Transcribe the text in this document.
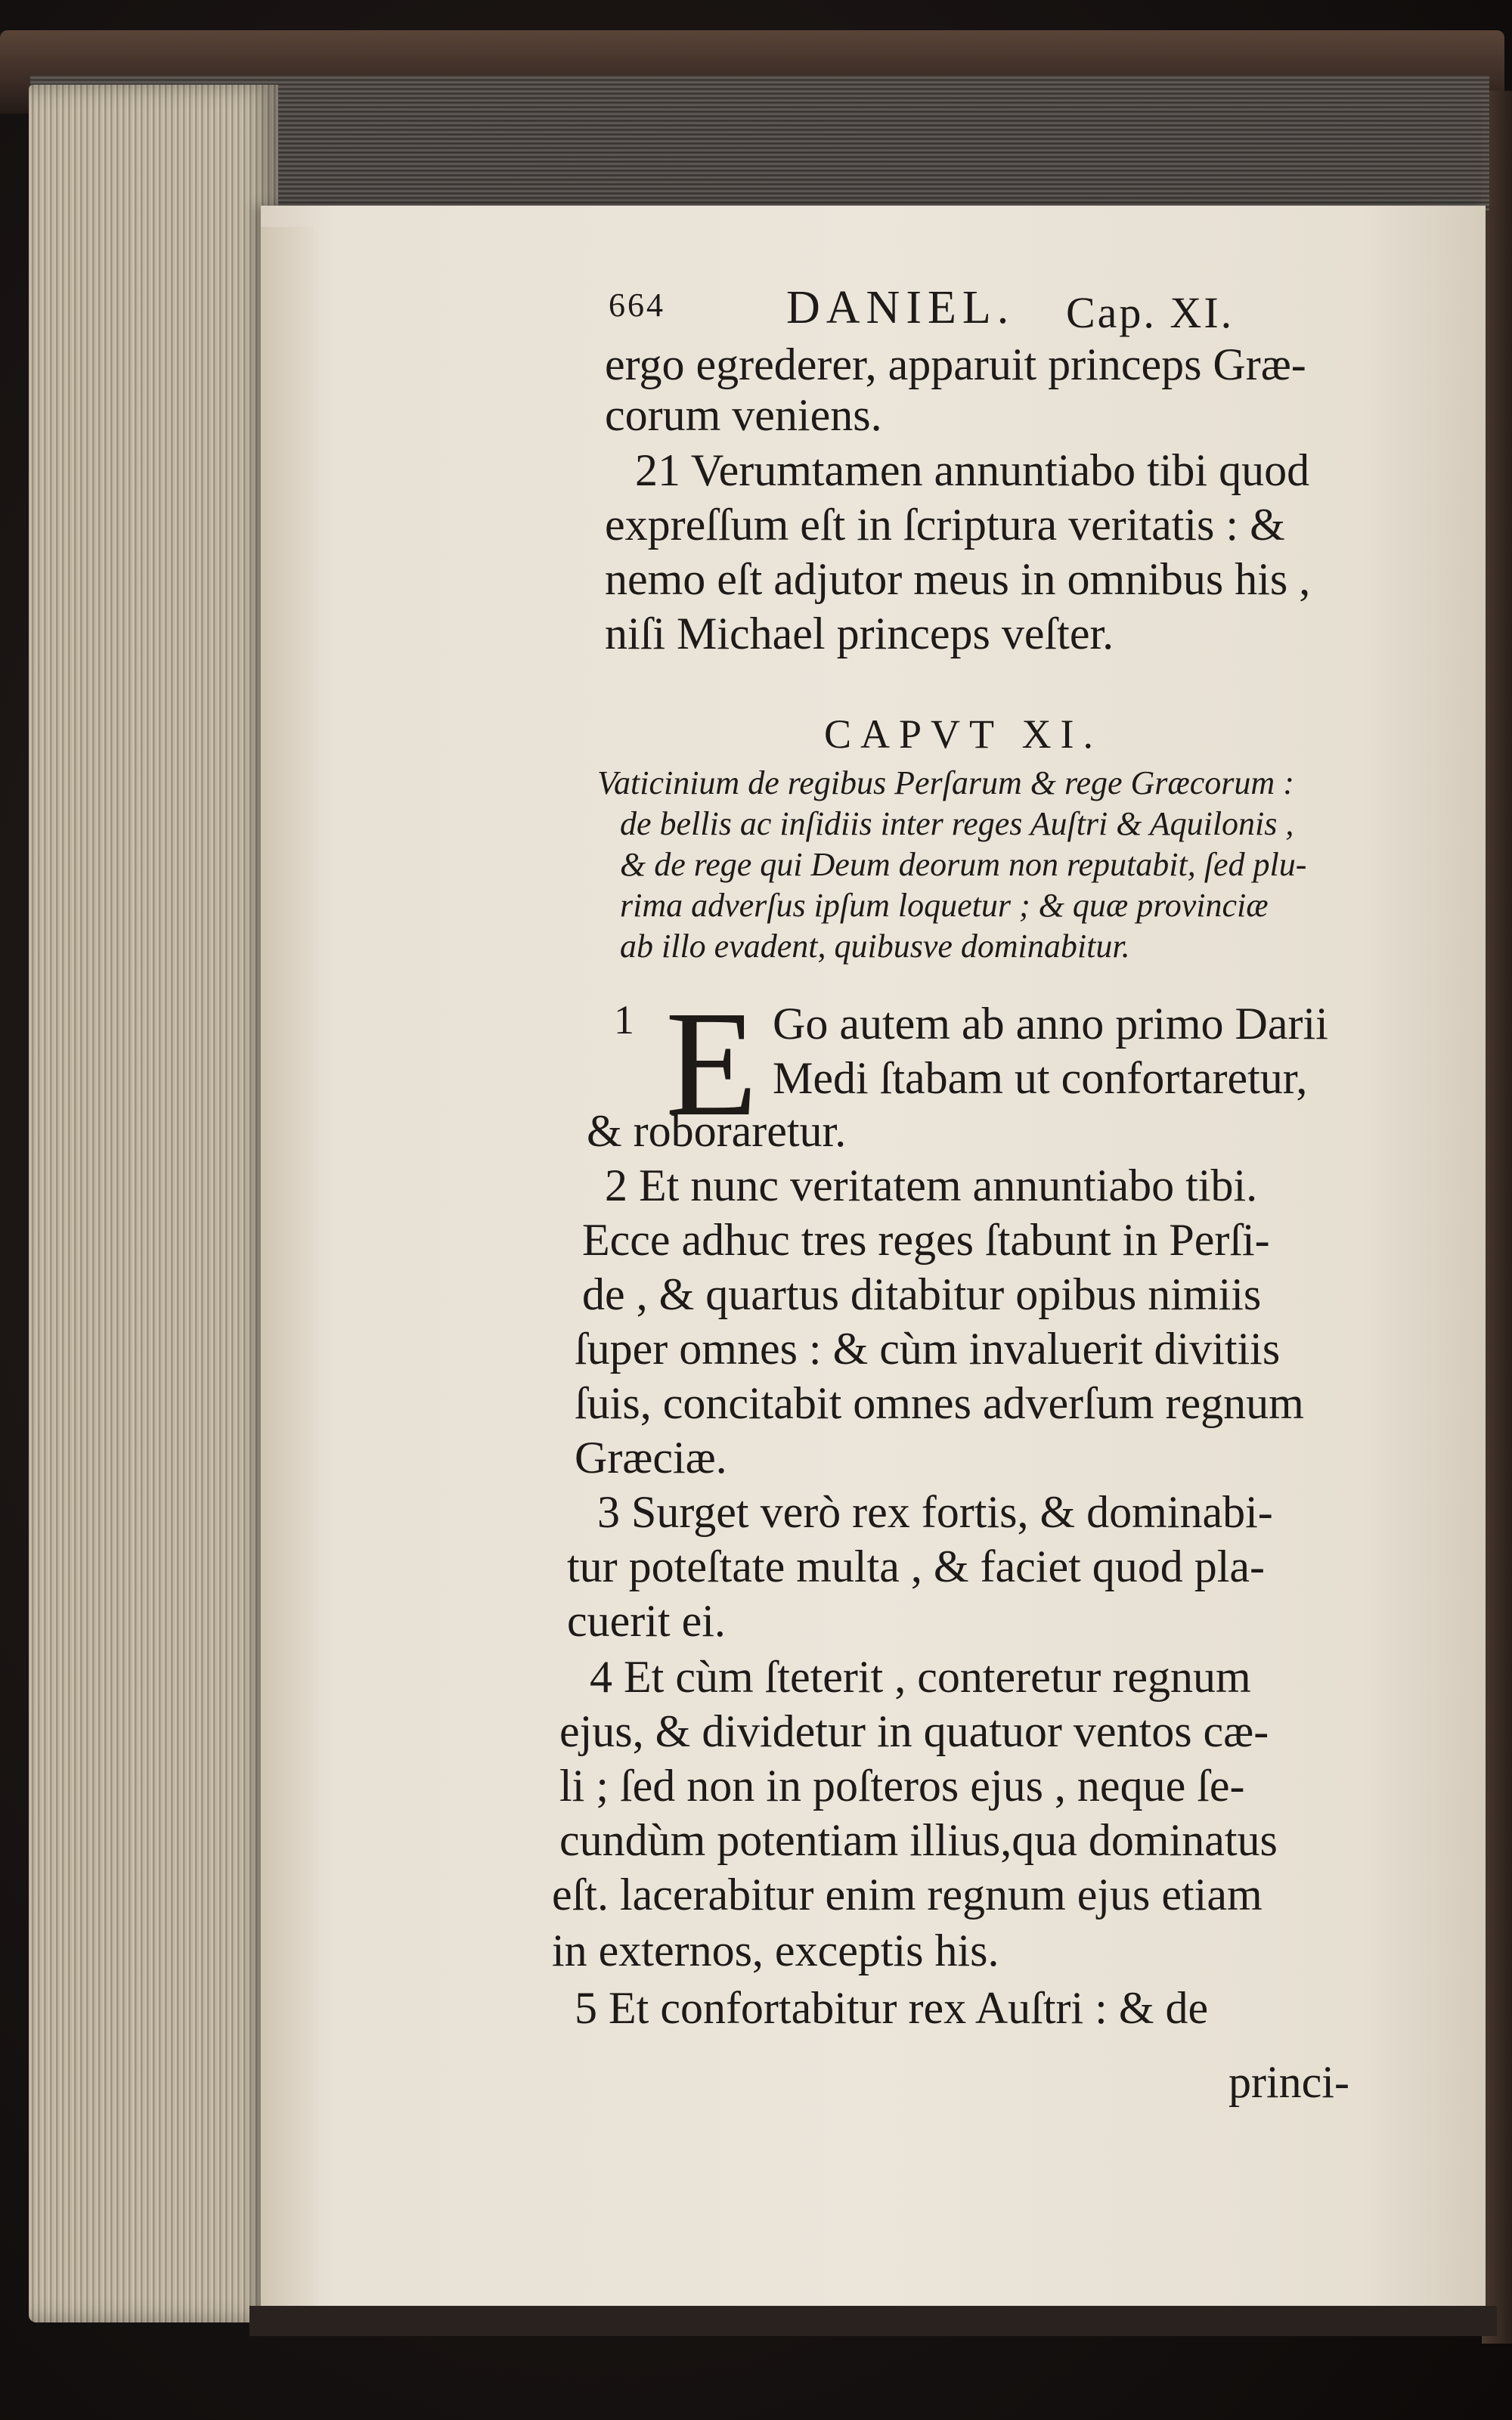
664	DANIEL. Cap. XI.
ergo egrederer, apparuit princeps Græ-
corum veniens.
21 Verumtamen annuntiabo tibi quod
expreſſum eſt in ſcriptura veritatis : &
nemo eſt adjutor meus in omnibus his ,
niſi Michael princeps veſter.
CAPVT XI.
Vaticinium de regibus Perſarum & rege Græcorum :
de bellis ac inſidiis inter reges Auſtri & Aquilonis ,
& de rege qui Deum deorum non reputabit, ſed plu-
rima adverſus ipſum loquetur ; & quæ provinciæ
ab illo evadent, quibusve dominabitur.
1 E Go autem ab anno primo Darii
Medi ſtabam ut confortaretur,
& roboraretur.
2 Et nunc veritatem annuntiabo tibi.
Ecce adhuc tres reges ſtabunt in Perſi-
de , & quartus ditabitur opibus nimiis
ſuper omnes : & cùm invaluerit divitiis
ſuis, concitabit omnes adverſum regnum
Græciæ.
3 Surget verò rex fortis, & dominabi-
tur poteſtate multa , & faciet quod pla-
cuerit ei.
4 Et cùm ſteterit , conteretur regnum
ejus, & dividetur in quatuor ventos cæ-
li ; ſed non in poſteros ejus , neque ſe-
cundùm potentiam illius,qua dominatus
eſt. lacerabitur enim regnum ejus etiam
in externos, exceptis his.
5 Et confortabitur rex Auſtri : & de
princi-
